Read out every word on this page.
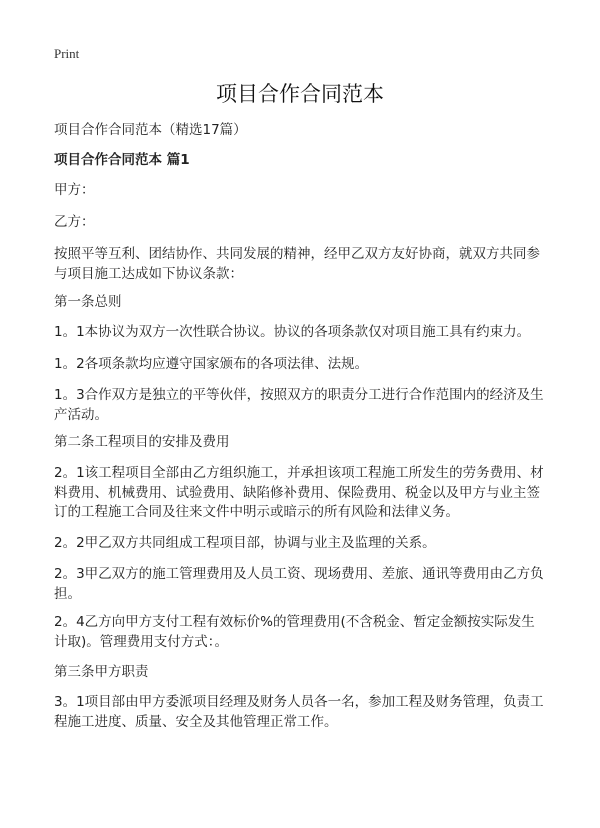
Print
项目合作合同范本
项目合作合同范本（精选17篇）
项目合作合同范本 篇1
甲方：
乙方：
按照平等互利、团结协作、共同发展的精神，经甲乙双方友好协商，就双方共同参
与项目施工达成如下协议条款：
第一条总则
1。1本协议为双方一次性联合协议。协议的各项条款仅对项目施工具有约束力。
1。2各项条款均应遵守国家颁布的各项法律、法规。
1。3合作双方是独立的平等伙伴，按照双方的职责分工进行合作范围内的经济及生
产活动。
第二条工程项目的安排及费用
2。1该工程项目全部由乙方组织施工，并承担该项工程施工所发生的劳务费用、材
料费用、机械费用、试验费用、缺陷修补费用、保险费用、税金以及甲方与业主签
订的工程施工合同及往来文件中明示或暗示的所有风险和法律义务。
2。2甲乙双方共同组成工程项目部，协调与业主及监理的关系。
2。3甲乙双方的施工管理费用及人员工资、现场费用、差旅、通讯等费用由乙方负
担。
2。4乙方向甲方支付工程有效标价%的管理费用(不含税金、暂定金额按实际发生
计取)。管理费用支付方式：。
第三条甲方职责
3。1项目部由甲方委派项目经理及财务人员各一名，参加工程及财务管理，负责工
程施工进度、质量、安全及其他管理正常工作。
